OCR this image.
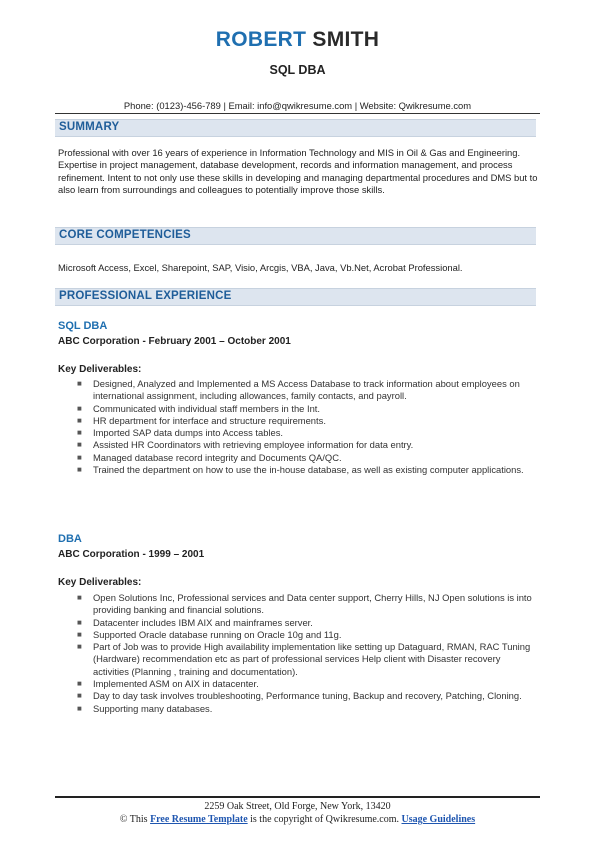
ROBERT SMITH
SQL DBA
Phone: (0123)-456-789 | Email: info@qwikresume.com | Website: Qwikresume.com
SUMMARY
Professional with over 16 years of experience in Information Technology and MIS in Oil & Gas and Engineering. Expertise in project management, database development, records and information management, and process refinement. Intent to not only use these skills in developing and managing departmental procedures and DMS but to also learn from surroundings and colleagues to potentially improve those skills.
CORE COMPETENCIES
Microsoft Access, Excel, Sharepoint, SAP, Visio, Arcgis, VBA, Java, Vb.Net, Acrobat Professional.
PROFESSIONAL EXPERIENCE
SQL DBA
ABC Corporation - February 2001 – October 2001
Key Deliverables:
■ Designed, Analyzed and Implemented a MS Access Database to track information about employees on international assignment, including allowances, family contacts, and payroll.
■ Communicated with individual staff members in the Int.
■ HR department for interface and structure requirements.
■ Imported SAP data dumps into Access tables.
■ Assisted HR Coordinators with retrieving employee information for data entry.
■ Managed database record integrity and Documents QA/QC.
■ Trained the department on how to use the in-house database, as well as existing computer applications.
DBA
ABC Corporation - 1999 – 2001
Key Deliverables:
■ Open Solutions Inc, Professional services and Data center support, Cherry Hills, NJ Open solutions is into providing banking and financial solutions.
■ Datacenter includes IBM AIX and mainframes server.
■ Supported Oracle database running on Oracle 10g and 11g.
■ Part of Job was to provide High availability implementation like setting up Dataguard, RMAN, RAC Tuning (Hardware) recommendation etc as part of professional services Help client with Disaster recovery activities (Planning , training and documentation).
■ Implemented ASM on AIX in datacenter.
■ Day to day task involves troubleshooting, Performance tuning, Backup and recovery, Patching, Cloning.
■ Supporting many databases.
2259 Oak Street, Old Forge, New York, 13420
© This Free Resume Template is the copyright of Qwikresume.com. Usage Guidelines
